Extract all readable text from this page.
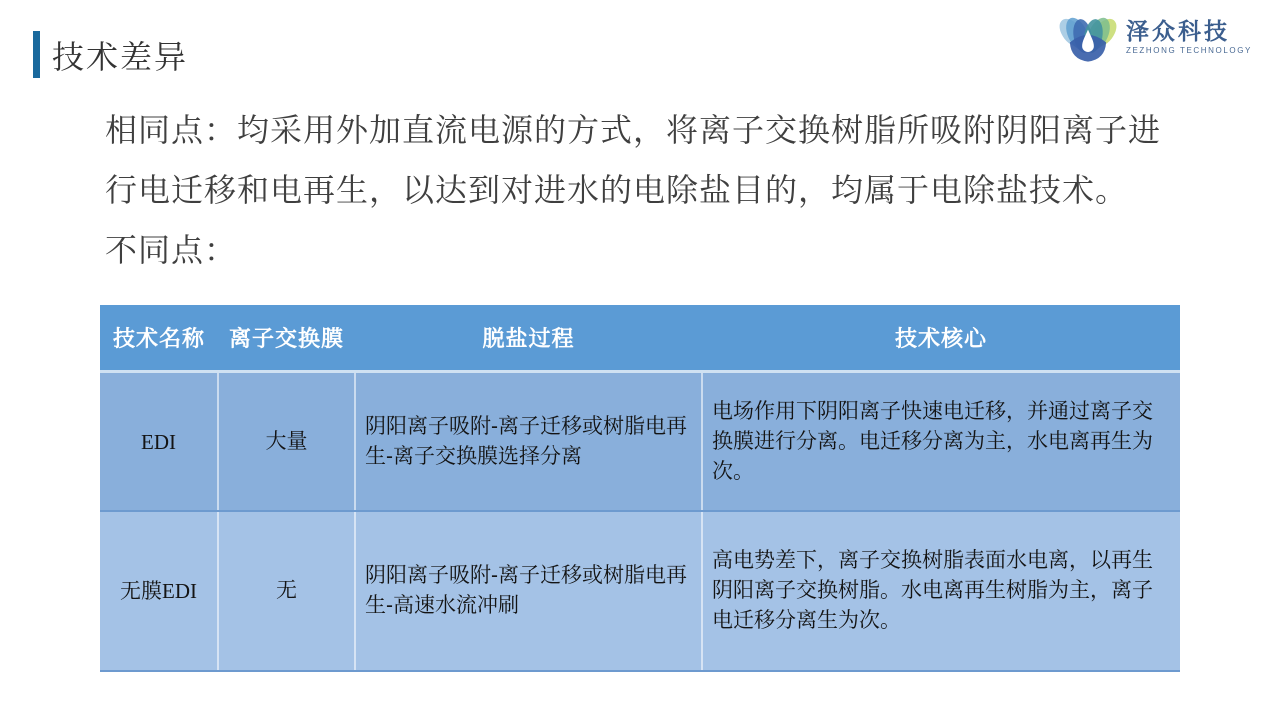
技术差异
泽众科技
ZEZHONG TECHNOLOGY
相同点：均采用外加直流电源的方式，将离子交换树脂所吸附阴阳离子进行电迁移和电再生，以达到对进水的电除盐目的，均属于电除盐技术。
不同点：
技术名称	离子交换膜	脱盐过程	技术核心
EDI	大量	阴阳离子吸附-离子迁移或树脂电再生-离子交换膜选择分离	电场作用下阴阳离子快速电迁移，并通过离子交换膜进行分离。电迁移分离为主，水电离再生为次。
无膜EDI	无	阴阳离子吸附-离子迁移或树脂电再生-高速水流冲刷	高电势差下，离子交换树脂表面水电离，以再生阴阳离子交换树脂。水电离再生树脂为主，离子电迁移分离生为次。
